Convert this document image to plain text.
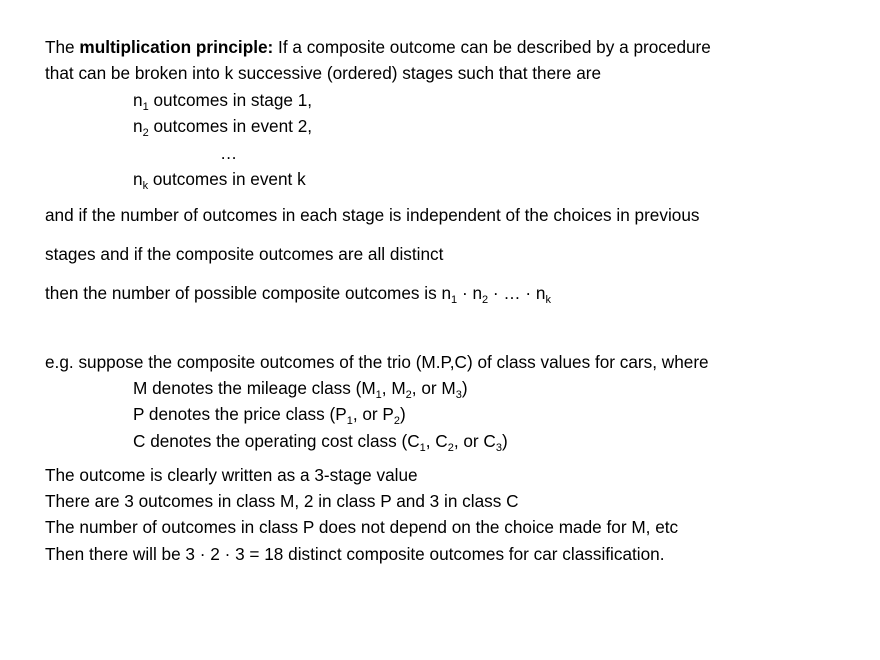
The multiplication principle: If a composite outcome can be described by a procedure
that can be broken into k successive (ordered) stages such that there are
$n_1$ outcomes in stage 1,
$n_2$ outcomes in event 2,
…
$n_k$ outcomes in event k
and if the number of outcomes in each stage is independent of the choices in previous
stages and if the composite outcomes are all distinct
then the number of possible composite outcomes is $n_1 \cdot n_2$ · … · $n_k$
e.g. suppose the composite outcomes of the trio (M.P,C) of class values for cars, where
M denotes the mileage class ($M_1$, $M_2$, or $M_3$)
P denotes the price class ($P_1$, or $P_2$)
C denotes the operating cost class ($C_1$, $C_2$, or $C_3$)
The outcome is clearly written as a 3-stage value
There are 3 outcomes in class M, 2 in class P and 3 in class C
The number of outcomes in class P does not depend on the choice made for M, etc
Then there will be 3 · 2 · 3 = 18 distinct composite outcomes for car classification.
